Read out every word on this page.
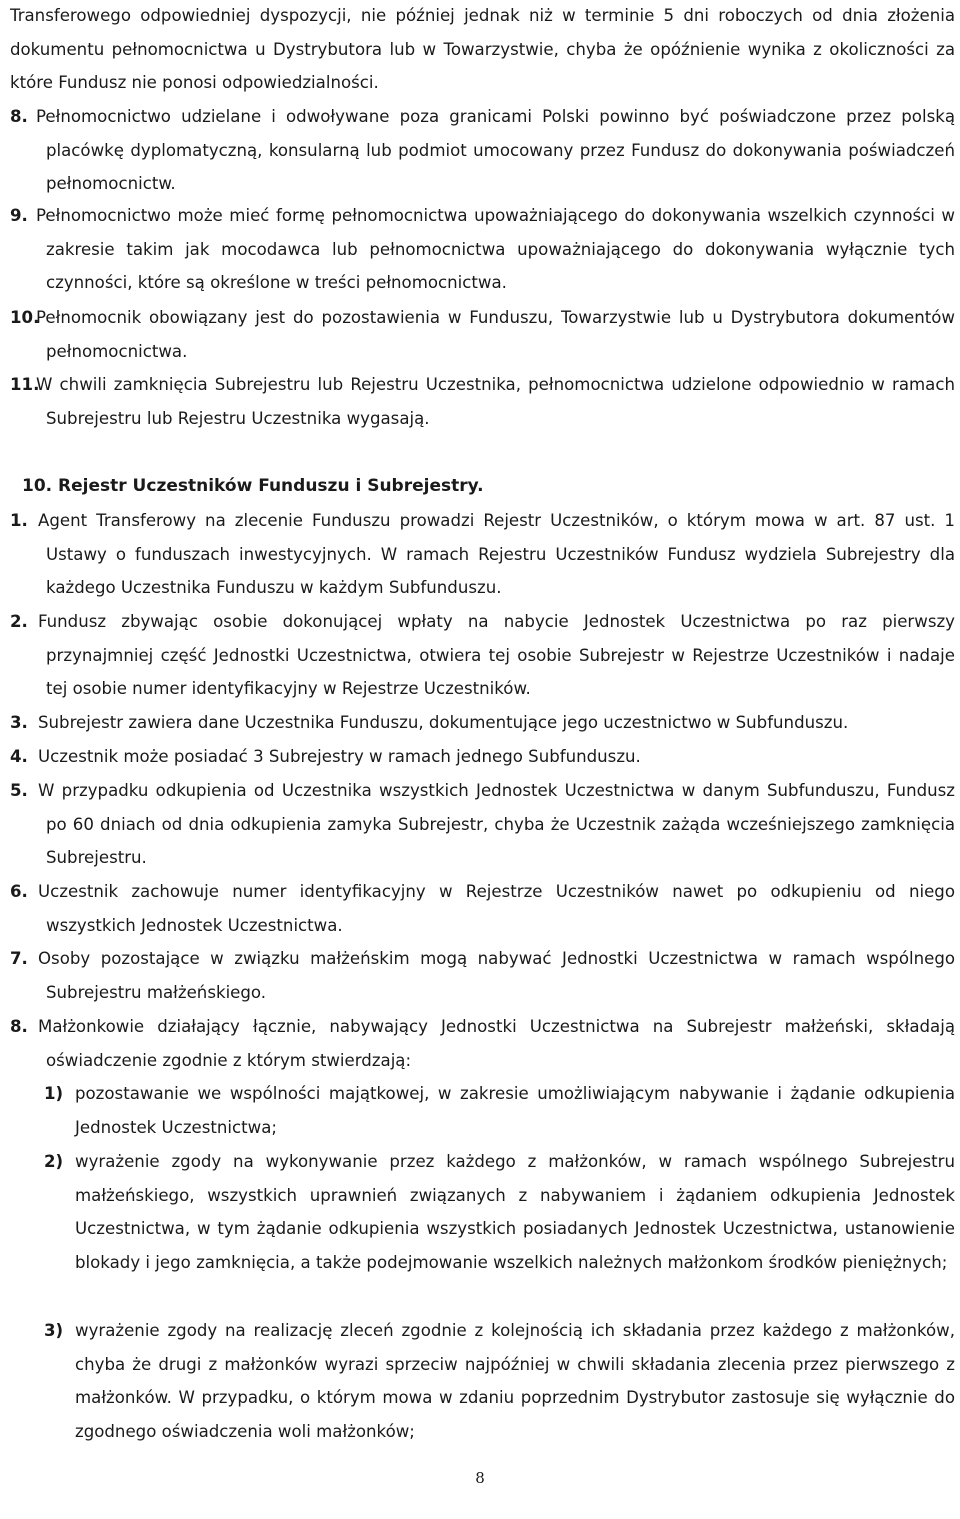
Transferowego odpowiedniej dyspozycji, nie później jednak niż w terminie 5 dni roboczych od dnia złożenia dokumentu pełnomocnictwa u Dystrybutora lub w Towarzystwie, chyba że opóźnienie wynika z okoliczności za które Fundusz nie ponosi odpowiedzialności.

8. Pełnomocnictwo udzielane i odwoływane poza granicami Polski powinno być poświadczone przez polską placówkę dyplomatyczną, konsularną lub podmiot umocowany przez Fundusz do dokonywania poświadczeń pełnomocnictw.
9. Pełnomocnictwo może mieć formę pełnomocnictwa upoważniającego do dokonywania wszelkich czynności w zakresie takim jak mocodawca lub pełnomocnictwa upoważniającego do dokonywania wyłącznie tych czynności, które są określone w treści pełnomocnictwa.
10.
Pełnomocnik obowiązany jest do pozostawienia w Funduszu, Towarzystwie lub u Dystrybutora dokumentów pełnomocnictwa.
11.
W chwili zamknięcia Subrejestru lub Rejestru Uczestnika, pełnomocnictwa udzielone odpowiednio w ramach Subrejestru lub Rejestru Uczestnika wygasają.
10. Rejestr Uczestników Funduszu i Subrejestry.
1. Agent Transferowy na zlecenie Funduszu prowadzi Rejestr Uczestników, o którym mowa w art. 87 ust. 1 Ustawy o funduszach inwestycyjnych. W ramach Rejestru Uczestników Fundusz wydziela Subrejestry dla każdego Uczestnika Funduszu w każdym Subfunduszu.
2. Fundusz zbywając osobie dokonującej wpłaty na nabycie Jednostek Uczestnictwa po raz pierwszy przynajmniej część Jednostki Uczestnictwa, otwiera tej osobie Subrejestr w Rejestrze Uczestników i nadaje tej osobie numer identyfikacyjny w Rejestrze Uczestników.
3. Subrejestr zawiera dane Uczestnika Funduszu, dokumentujące jego uczestnictwo w Subfunduszu.
4. Uczestnik może posiadać 3 Subrejestry w ramach jednego Subfunduszu.
5. W przypadku odkupienia od Uczestnika wszystkich Jednostek Uczestnictwa w danym Subfunduszu, Fundusz po 60 dniach od dnia odkupienia zamyka Subrejestr, chyba że Uczestnik zażąda wcześniejszego zamknięcia Subrejestru.
6. Uczestnik zachowuje numer identyfikacyjny w Rejestrze Uczestników nawet po odkupieniu od niego wszystkich Jednostek Uczestnictwa.
7. Osoby pozostające w związku małżeńskim mogą nabywać Jednostki Uczestnictwa w ramach wspólnego Subrejestru małżeńskiego.
8. Małżonkowie działający łącznie, nabywający Jednostki Uczestnictwa na Subrejestr małżeński, składają oświadczenie zgodnie z którym stwierdzają:
1) pozostawanie we wspólności majątkowej, w zakresie umożliwiającym nabywanie i żądanie odkupienia Jednostek Uczestnictwa;
2) wyrażenie zgody na wykonywanie przez każdego z małżonków, w ramach wspólnego Subrejestru małżeńskiego, wszystkich uprawnień związanych z nabywaniem i żądaniem odkupienia Jednostek Uczestnictwa, w tym żądanie odkupienia wszystkich posiadanych Jednostek Uczestnictwa, ustanowienie blokady i jego zamknięcia, a także podejmowanie wszelkich należnych małżonkom środków pieniężnych;
3) wyrażenie zgody na realizację zleceń zgodnie z kolejnością ich składania przez każdego z małżonków, chyba że drugi z małżonków wyrazi sprzeciw najpóźniej w chwili składania zlecenia przez pierwszego z małżonków. W przypadku, o którym mowa w zdaniu poprzednim Dystrybutor zastosuje się wyłącznie do zgodnego oświadczenia woli małżonków;
8
